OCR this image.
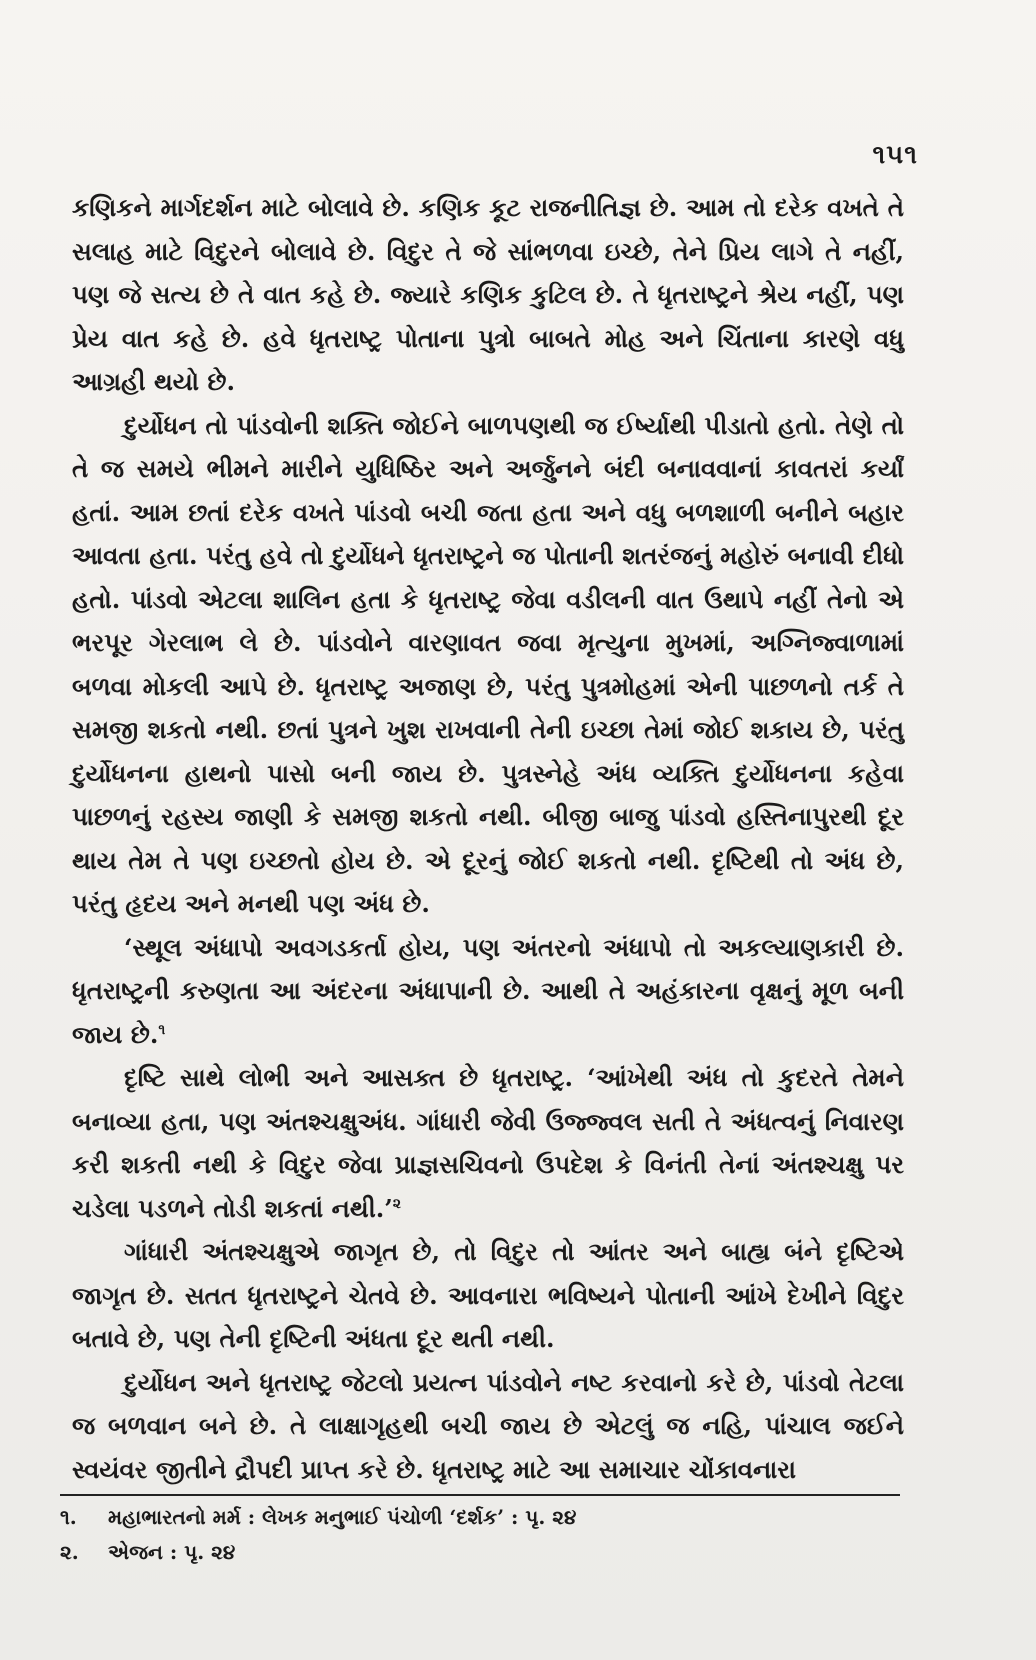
૧૫૧

કણિકને માર્ગદર્શન માટે બોલાવે છે. કણિક કૂટ રાજનીતિજ્ઞ છે. આમ તો દરેક વખતે તે સલાહ માટે વિદુરને બોલાવે છે. વિદુર તે જે સાંભળવા ઇચ્છે, તેને પ્રિય લાગે તે નહીં, પણ જે સત્ય છે તે વાત કહે છે. જ્યારે કણિક કુટિલ છે. તે ધૃતરાષ્ટ્રને શ્રેય નહીં, પણ પ્રેય વાત કહે છે. હવે ધૃતરાષ્ટ્ર પોતાના પુત્રો બાબતે મોહ અને ચિંતાના કારણે વધુ આગ્રહી થયો છે.

દુર્યોધન તો પાંડવોની શક્તિ જોઈને બાળપણથી જ ઈર્ષ્યાથી પીડાતો હતો. તેણે તો તે જ સમયે ભીમને મારીને યુધિષ્ઠિર અને અર્જુનને બંદી બનાવવાનાં કાવતરાં કર્યાં હતાં. આમ છતાં દરેક વખતે પાંડવો બચી જતા હતા અને વધુ બળશાળી બનીને બહાર આવતા હતા. પરંતુ હવે તો દુર્યોધને ધૃતરાષ્ટ્રને જ પોતાની શતરંજનું મહોરું બનાવી દીધો હતો. પાંડવો એટલા શાલિન હતા કે ધૃતરાષ્ટ્ર જેવા વડીલની વાત ઉથાપે નહીં તેનો એ ભરપૂર ગેરલાભ લે છે. પાંડવોને વારણાવત જવા મૃત્યુના મુખમાં, અગ્નિજ્વાળામાં બળવા મોકલી આપે છે. ધૃતરાષ્ટ્ર અજાણ છે, પરંતુ પુત્રમોહમાં એની પાછળનો તર્ક તે સમજી શકતો નથી. છતાં પુત્રને ખુશ રાખવાની તેની ઇચ્છા તેમાં જોઈ શકાય છે, પરંતુ દુર્યોધનના હાથનો પાસો બની જાય છે. પુત્રસ્નેહે અંધ વ્યક્તિ દુર્યોધનના કહેવા પાછળનું રહસ્ય જાણી કે સમજી શકતો નથી. બીજી બાજુ પાંડવો હસ્તિનાપુરથી દૂર થાય તેમ તે પણ ઇચ્છતો હોય છે. એ દૂરનું જોઈ શકતો નથી. દૃષ્ટિથી તો અંધ છે, પરંતુ હૃદય અને મનથી પણ અંધ છે.

‘સ્થૂલ અંધાપો અવગડકર્તા હોય, પણ અંતરનો અંધાપો તો અકલ્યાણકારી છે. ધૃતરાષ્ટ્રની કરુણતા આ અંદરના અંધાપાની છે. આથી તે અહંકારના વૃક્ષનું મૂળ બની જાય છે.$^૧$

દૃષ્ટિ સાથે લોભી અને આસક્ત છે ધૃતરાષ્ટ્ર. ‘આંખેથી અંધ તો કુદરતે તેમને બનાવ્યા હતા, પણ અંતશ્ચક્ષુઅંધ. ગાંધારી જેવી ઉજ્જ્વલ સતી તે અંધત્વનું નિવારણ કરી શકતી નથી કે વિદુર જેવા પ્રાજ્ઞસચિવનો ઉપદેશ કે વિનંતી તેનાં અંતશ્ચક્ષુ પર ચડેલા પડળને તોડી શકતાં નથી.’$^૨$

ગાંધારી અંતશ્ચક્ષુએ જાગૃત છે, તો વિદુર તો આંતર અને બાહ્ય બંને દૃષ્ટિએ જાગૃત છે. સતત ધૃતરાષ્ટ્રને ચેતવે છે. આવનારા ભવિષ્યને પોતાની આંખે દેખીને વિદુર બતાવે છે, પણ તેની દૃષ્ટિની અંધતા દૂર થતી નથી.

દુર્યોધન અને ધૃતરાષ્ટ્ર જેટલો પ્રયત્ન પાંડવોને નષ્ટ કરવાનો કરે છે, પાંડવો તેટલા જ બળવાન બને છે. તે લાક્ષાગૃહથી બચી જાય છે એટલું જ નહિ, પાંચાલ જઈને સ્વયંવર જીતીને દ્રૌપદી પ્રાપ્ત કરે છે. ધૃતરાષ્ટ્ર માટે આ સમાચાર ચોંકાવનારા

૧.	મહાભારતનો મર્મ : લેખક મનુભાઈ પંચોળી ‘દર્શક’ : પૃ. ૨૪
૨.	એજન : પૃ. ૨૪
